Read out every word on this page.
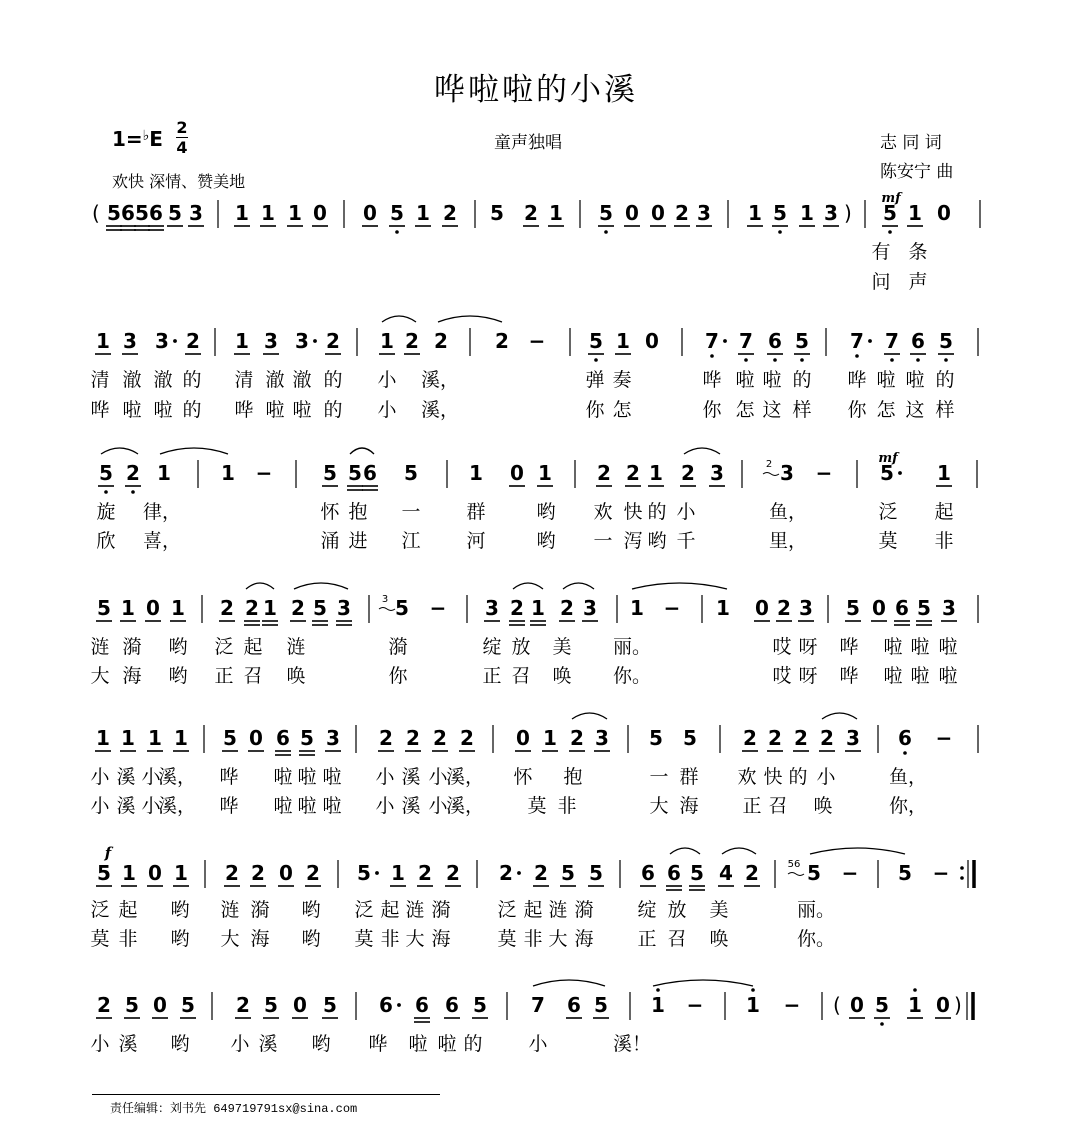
哗啦啦的小溪
1=♭E 2
4	童声独唱
欢快 深情、赞美地
志 同 词
陈安宁 曲
( 5 6 5 6 5 3 1 1 1 0 0 5 1 2 5 2 1 5 0 0 2 3 1 5 1 3 )
mf
5 1 0
1 3 3 2 1 3 3 2 1 2 2 2 − 5 1 0 7 7 6 5 7 7 6 5
5 2 1	1 −	5 5 6 5	1 0 1 2 2 1 2 3	2 3 −
mf
5 1
5 1 0 1 2 2 1 2 5 3	3 5 − 3 2 1 2 3 1 − 1 0 2 3 5 0 6 5 3
1 1 1 1 5 0 6 5 3 2 2 2 2 0 1 2 3 5 5 2 2 2 2 3 6 −
f
5 1 0 1 2 2 0 2 5 1 2 2 2 2 5 5 6 6 5 4 2	56 5 − 5 −
2 5 0 5 2 5 0 5 6 6 6 5 7 6 5 1 − 1 − ( 0 5 1 0 )
有 条
问 声
清 澈 澈 的 清 澈 澈 的 小 溪，	弹 奏	哗 啦 啦 的 哗 啦 啦 的
哗 啦 啦 的 哗 啦 啦 的 小 溪，	你 怎	你 怎 这 样 你 怎 这 样
旋 律，	怀 抱 一 群	哟 欢 快 的 小	鱼，	泛 起
欣 喜，	涌 进 江 河	哟 一 泻 哟 千	里，	莫 非
涟 漪 哟 泛 起 涟	漪	绽 放 美 丽。	哎 呀 哗 啦 啦 啦
大 海 哟 正 召 唤	你	正 召 唤 你。	哎 呀 哗 啦 啦 啦
小 溪 小
溪， 哗 啦 啦 啦 小 溪 小
溪， 怀 抱	一 群 欢 快 的 小	鱼，
小 溪 小
溪， 哗 啦 啦 啦 小 溪 小
溪， 莫 非	大 海 正 召 唤	你，
泛 起 哟 涟 漪 哟 泛 起 涟 漪 泛 起 涟 漪 绽 放 美	丽。
莫 非 哟 大 海 哟 莫 非 大 海 莫 非 大 海 正 召 唤	你。
小 溪 哟 小 溪 哟 哗 啦 啦 的 小	溪！
责任编辑：刘书先 649719791sx@sina.com
